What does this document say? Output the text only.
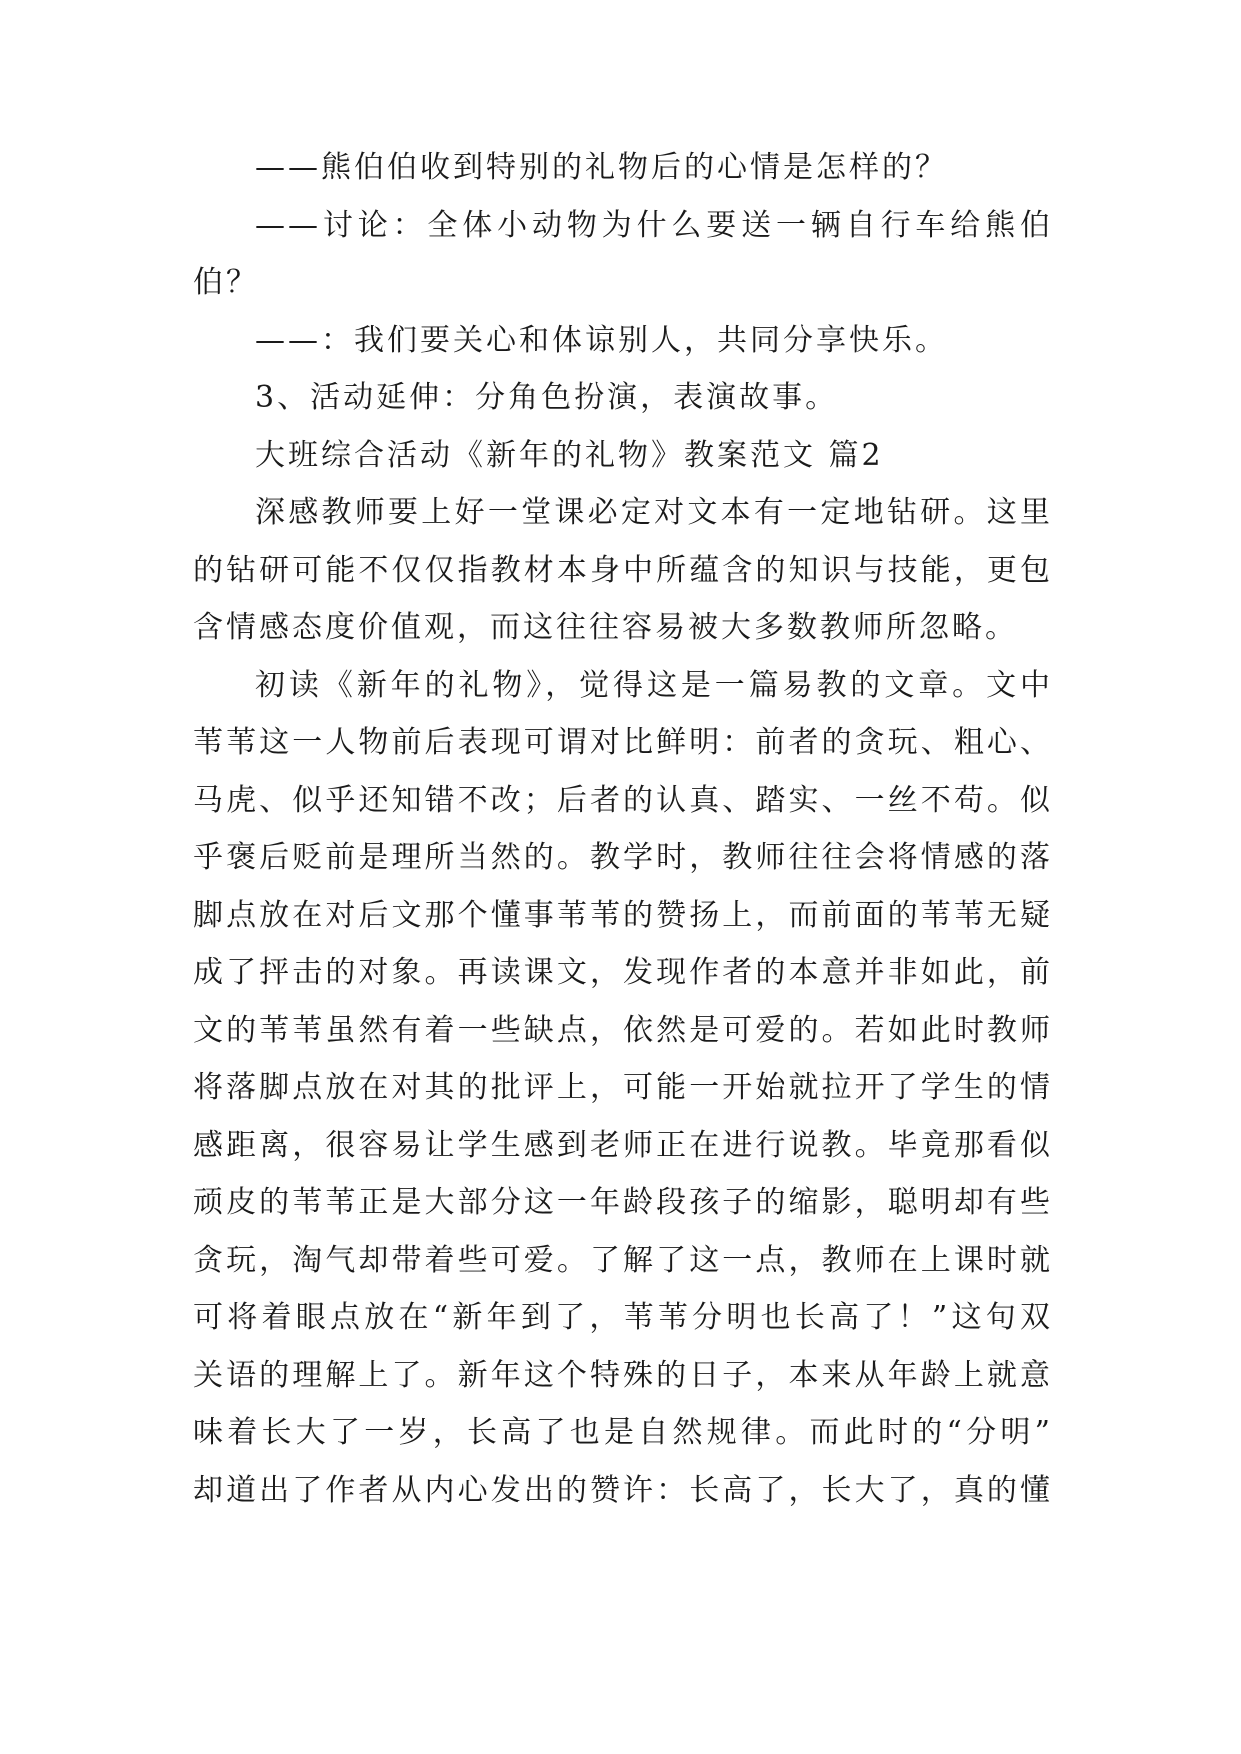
——熊伯伯收到特别的礼物后的心情是怎样的？
——讨论：全体小动物为什么要送一辆自行车给熊伯
伯？
——：我们要关心和体谅别人，共同分享快乐。
3、活动延伸：分角色扮演，表演故事。
大班综合活动《新年的礼物》教案范文 篇2
深感教师要上好一堂课必定对文本有一定地钻研。这里
的钻研可能不仅仅指教材本身中所蕴含的知识与技能，更包
含情感态度价值观，而这往往容易被大多数教师所忽略。
初读《新年的礼物》，觉得这是一篇易教的文章。文中
苇苇这一人物前后表现可谓对比鲜明：前者的贪玩、粗心、
马虎、似乎还知错不改；后者的认真、踏实、一丝不苟。似
乎褒后贬前是理所当然的。教学时，教师往往会将情感的落
脚点放在对后文那个懂事苇苇的赞扬上，而前面的苇苇无疑
成了抨击的对象。再读课文，发现作者的本意并非如此，前
文的苇苇虽然有着一些缺点，依然是可爱的。若如此时教师
将落脚点放在对其的批评上，可能一开始就拉开了学生的情
感距离，很容易让学生感到老师正在进行说教。毕竟那看似
顽皮的苇苇正是大部分这一年龄段孩子的缩影，聪明却有些
贪玩，淘气却带着些可爱。了解了这一点，教师在上课时就
可将着眼点放在“新年到了，苇苇分明也长高了！”这句双
关语的理解上了。新年这个特殊的日子，本来从年龄上就意
味着长大了一岁，长高了也是自然规律。而此时的“分明”
却道出了作者从内心发出的赞许：长高了，长大了，真的懂
